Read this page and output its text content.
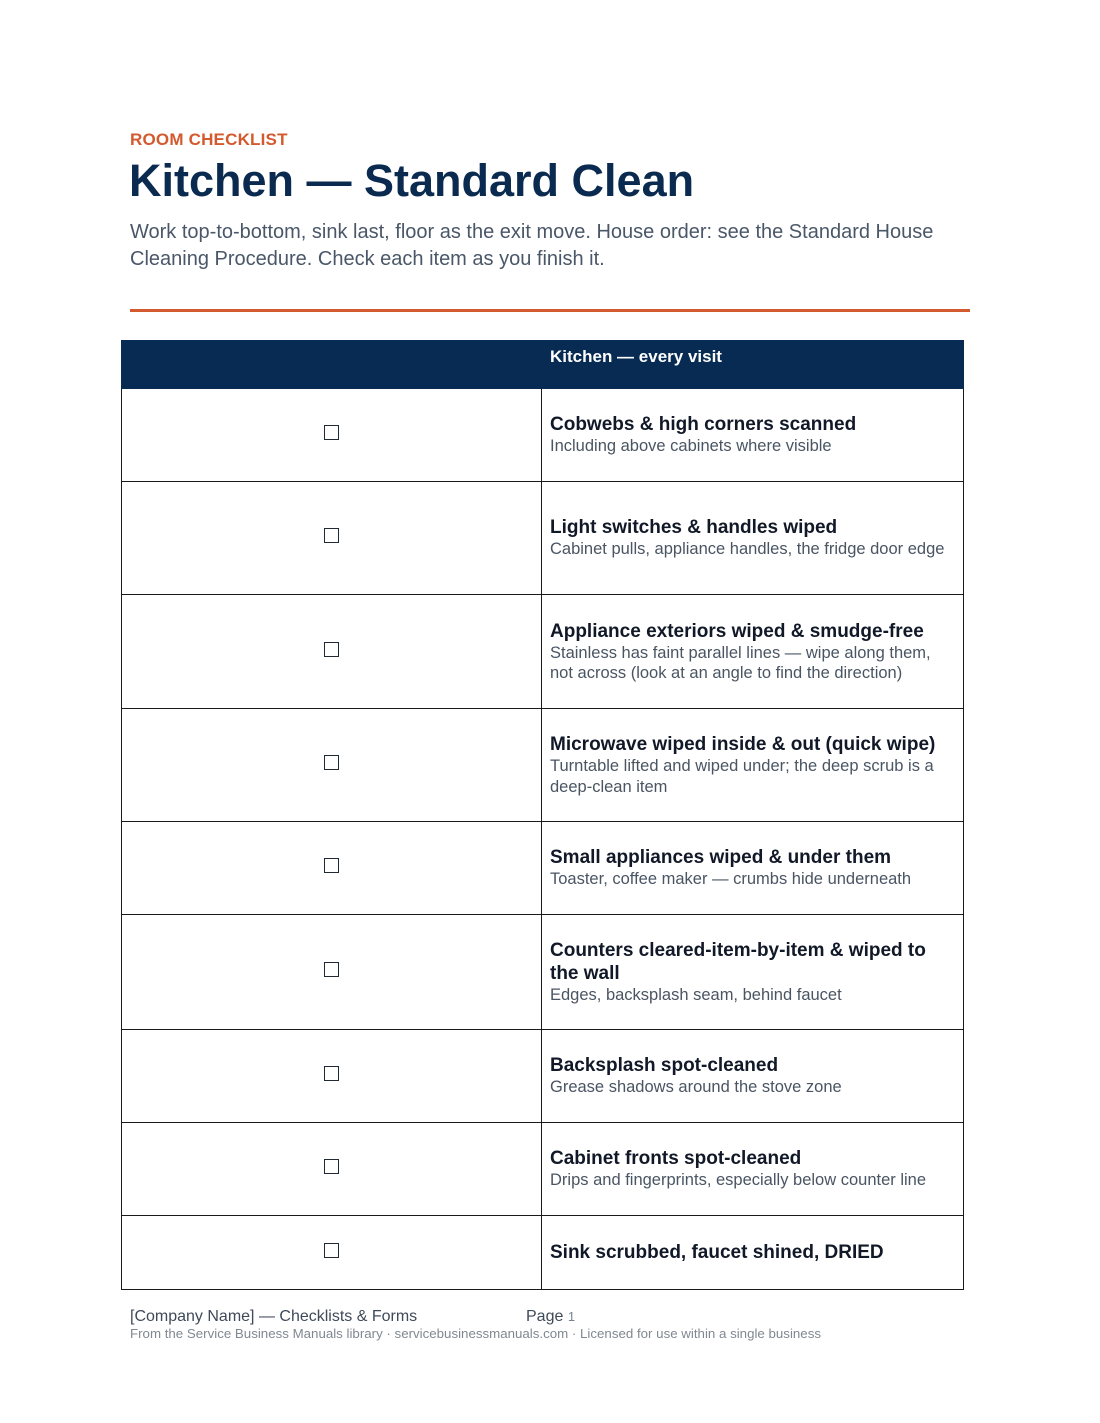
ROOM CHECKLIST
Kitchen — Standard Clean

Work top-to-bottom, sink last, floor as the exit move. House order: see the Standard House Cleaning Procedure. Check each item as you finish it.

	Kitchen — every visit

	Cobwebs & high corners scanned
Including above cabinets where visible

	Light switches & handles wiped
Cabinet pulls, appliance handles, the fridge door edge

	Appliance exteriors wiped & smudge-free
Stainless has faint parallel lines — wipe along them, not across (look at an angle to find the direction)

	Microwave wiped inside & out (quick wipe)
Turntable lifted and wiped under; the deep scrub is a deep-clean item

	Small appliances wiped & under them
Toaster, coffee maker — crumbs hide underneath

	Counters cleared-item-by-item & wiped to the wall
Edges, backsplash seam, behind faucet

	Backsplash spot-cleaned
Grease shadows around the stove zone

	Cabinet fronts spot-cleaned
Drips and fingerprints, especially below counter line

	Sink scrubbed, faucet shined, DRIED
[Company Name] — Checklists & Forms	Page 1
From the Service Business Manuals library · servicebusinessmanuals.com · Licensed for use within a single business
